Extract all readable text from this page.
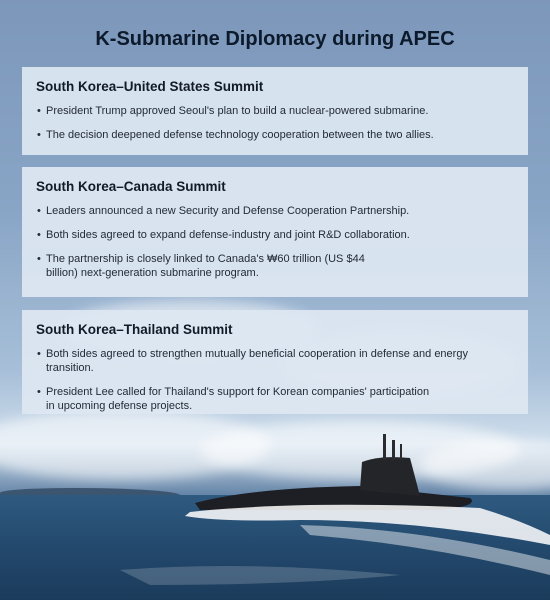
K-Submarine Diplomacy during APEC
South Korea–United States Summit
• President Trump approved Seoul's plan to build a nuclear-powered submarine.
• The decision deepened defense technology cooperation between the two allies.
South Korea–Canada Summit
• Leaders announced a new Security and Defense Cooperation Partnership.
• Both sides agreed to expand defense-industry and joint R&D collaboration.
• The partnership is closely linked to Canada's ₩60 trillion (US $44 billion) next-generation submarine program.
South Korea–Thailand Summit
• Both sides agreed to strengthen mutually beneficial cooperation in defense and energy transition.
• President Lee called for Thailand's support for Korean companies' participation in upcoming defense projects.
